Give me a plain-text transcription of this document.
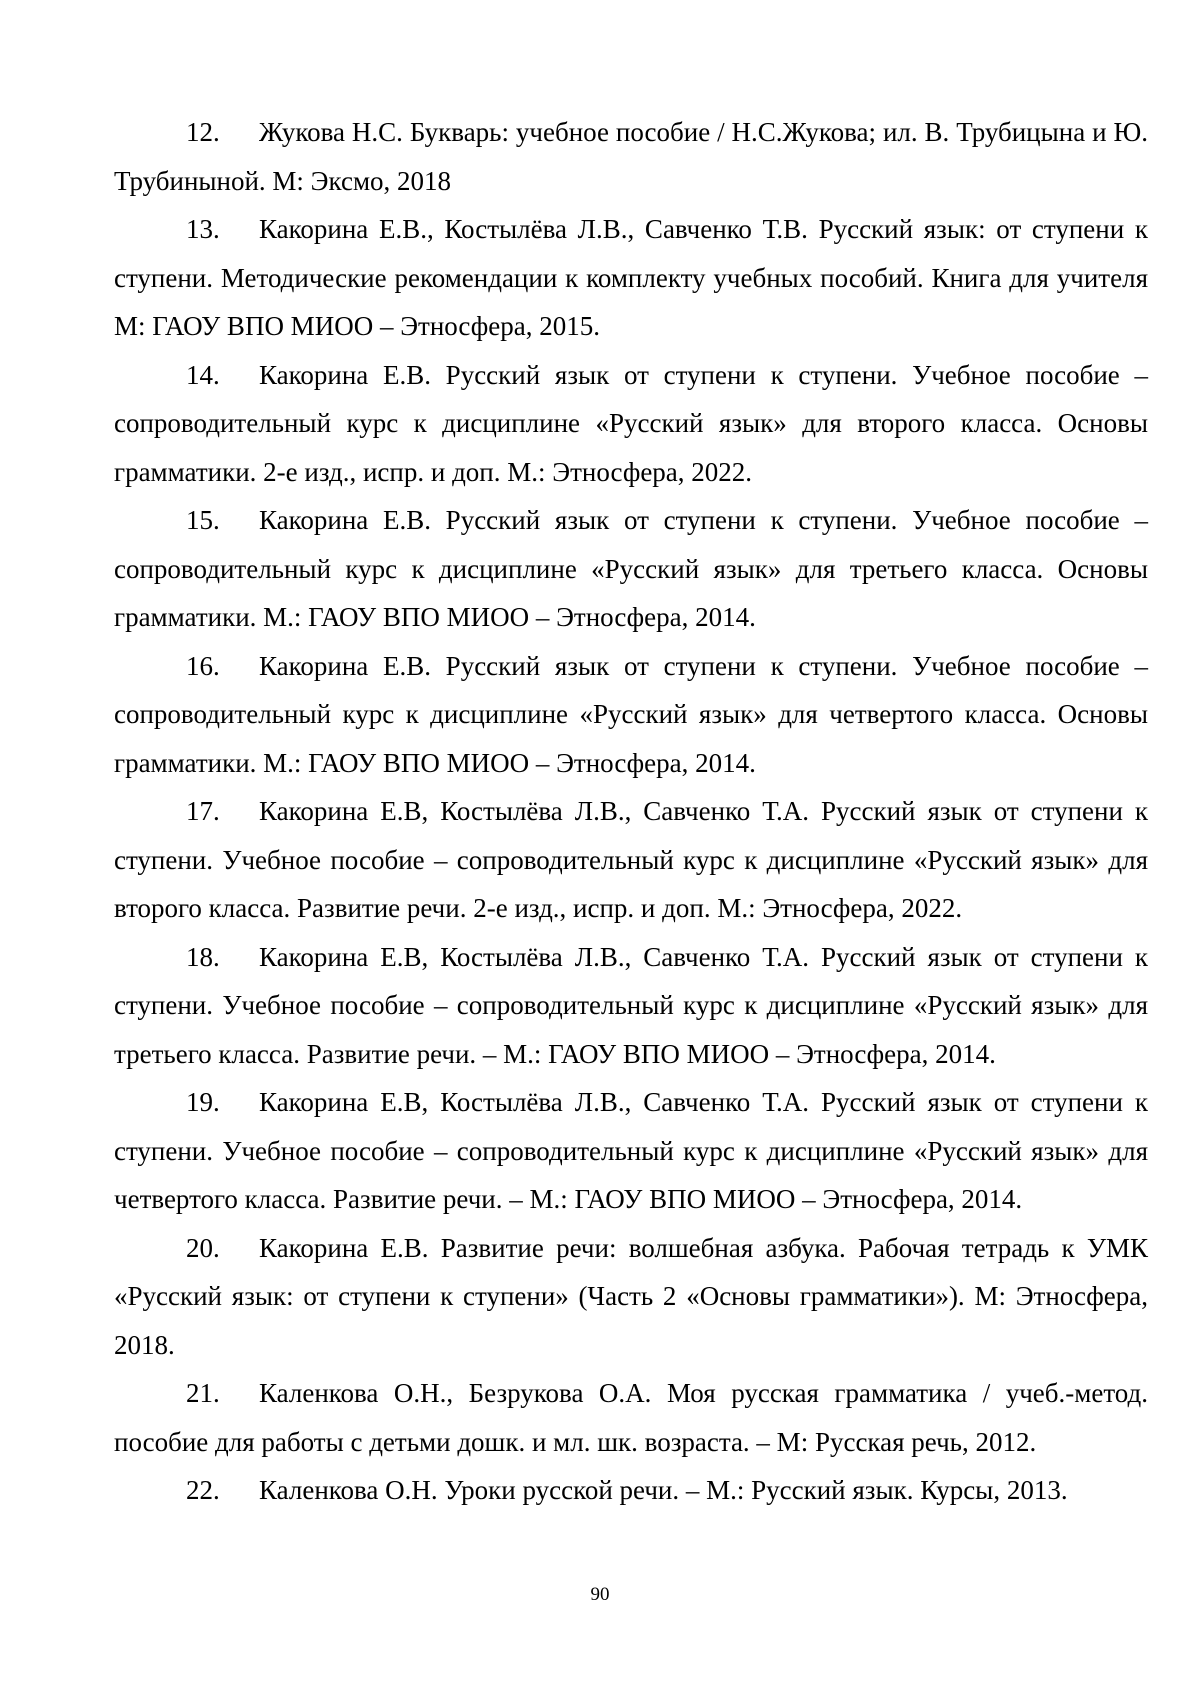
12. Жукова Н.С. Букварь: учебное пособие / Н.С.Жукова; ил. В. Трубицына и Ю. Трубиныной. М: Эксмо, 2018
13. Какорина Е.В., Костылёва Л.В., Савченко Т.В. Русский язык: от ступени к ступени. Методические рекомендации к комплекту учебных пособий. Книга для учителя М: ГАОУ ВПО МИОО – Этносфера, 2015.
14. Какорина Е.В. Русский язык от ступени к ступени. Учебное пособие – сопроводительный курс к дисциплине «Русский язык» для второго класса. Основы грамматики. 2-е изд., испр. и доп. М.: Этносфера, 2022.
15. Какорина Е.В. Русский язык от ступени к ступени. Учебное пособие – сопроводительный курс к дисциплине «Русский язык» для третьего класса. Основы грамматики. М.: ГАОУ ВПО МИОО – Этносфера, 2014.
16. Какорина Е.В. Русский язык от ступени к ступени. Учебное пособие – сопроводительный курс к дисциплине «Русский язык» для четвертого класса. Основы грамматики. М.: ГАОУ ВПО МИОО – Этносфера, 2014.
17. Какорина Е.В, Костылёва Л.В., Савченко Т.А. Русский язык от ступени к ступени. Учебное пособие – сопроводительный курс к дисциплине «Русский язык» для второго класса. Развитие речи. 2-е изд., испр. и доп. М.: Этносфера, 2022.
18. Какорина Е.В, Костылёва Л.В., Савченко Т.А. Русский язык от ступени к ступени. Учебное пособие – сопроводительный курс к дисциплине «Русский язык» для третьего класса. Развитие речи. – М.: ГАОУ ВПО МИОО – Этносфера, 2014.
19. Какорина Е.В, Костылёва Л.В., Савченко Т.А. Русский язык от ступени к ступени. Учебное пособие – сопроводительный курс к дисциплине «Русский язык» для четвертого класса. Развитие речи. – М.: ГАОУ ВПО МИОО – Этносфера, 2014.
20. Какорина Е.В. Развитие речи: волшебная азбука. Рабочая тетрадь к УМК «Русский язык: от ступени к ступени» (Часть 2 «Основы грамматики»). М: Этносфера, 2018.
21. Каленкова О.Н., Безрукова О.А. Моя русская грамматика / учеб.-метод. пособие для работы с детьми дошк. и мл. шк. возраста. – М: Русская речь, 2012.
22. Каленкова О.Н. Уроки русской речи. – М.: Русский язык. Курсы, 2013.
90
